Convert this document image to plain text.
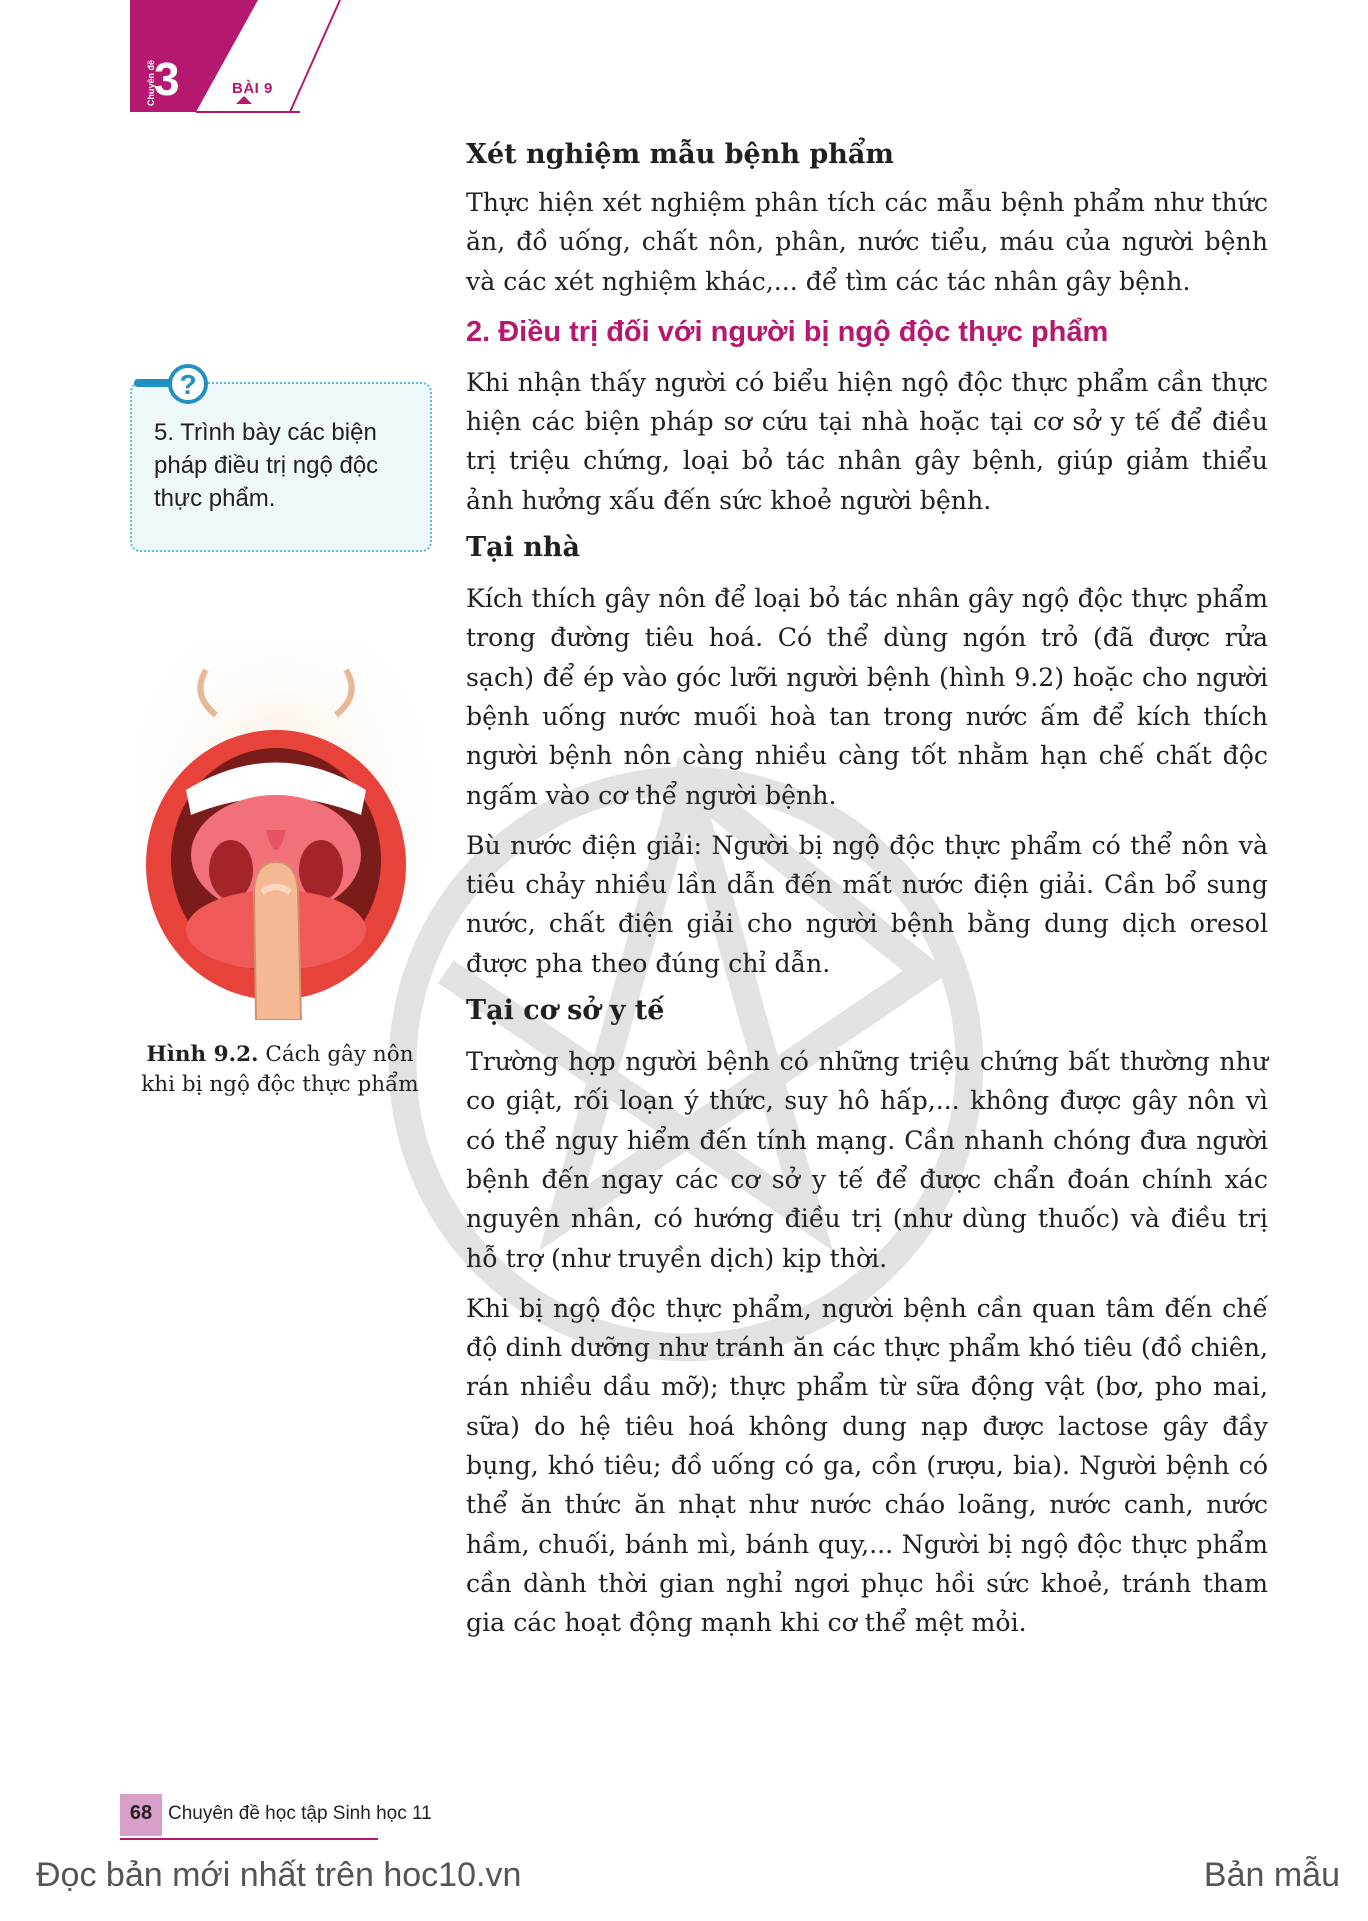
Chuyên đề
3	BÀI 9
Xét nghiệm mẫu bệnh phẩm

Thực hiện xét nghiệm phân tích các mẫu bệnh phẩm như thức ăn, đồ uống, chất nôn, phân, nước tiểu, máu của người bệnh và các xét nghiệm khác,... để tìm các tác nhân gây bệnh.

2. Điều trị đối với người bị ngộ độc thực phẩm

Khi nhận thấy người có biểu hiện ngộ độc thực phẩm cần thực hiện các biện pháp sơ cứu tại nhà hoặc tại cơ sở y tế để điều trị triệu chứng, loại bỏ tác nhân gây bệnh, giúp giảm thiểu ảnh hưởng xấu đến sức khoẻ người bệnh.

Tại nhà

Kích thích gây nôn để loại bỏ tác nhân gây ngộ độc thực phẩm trong đường tiêu hoá. Có thể dùng ngón trỏ (đã được rửa sạch) để ép vào góc lưỡi người bệnh (hình 9.2) hoặc cho người bệnh uống nước muối hoà tan trong nước ấm để kích thích người bệnh nôn càng nhiều càng tốt nhằm hạn chế chất độc ngấm vào cơ thể người bệnh.

Bù nước điện giải: Người bị ngộ độc thực phẩm có thể nôn và tiêu chảy nhiều lần dẫn đến mất nước điện giải. Cần bổ sung nước, chất điện giải cho người bệnh bằng dung dịch oresol được pha theo đúng chỉ dẫn.

Tại cơ sở y tế

Trường hợp người bệnh có những triệu chứng bất thường như co giật, rối loạn ý thức, suy hô hấp,... không được gây nôn vì có thể nguy hiểm đến tính mạng. Cần nhanh chóng đưa người bệnh đến ngay các cơ sở y tế để được chẩn đoán chính xác nguyên nhân, có hướng điều trị (như dùng thuốc) và điều trị hỗ trợ (như truyền dịch) kịp thời.

Khi bị ngộ độc thực phẩm, người bệnh cần quan tâm đến chế độ dinh dưỡng như tránh ăn các thực phẩm khó tiêu (đồ chiên, rán nhiều dầu mỡ); thực phẩm từ sữa động vật (bơ, pho mai, sữa) do hệ tiêu hoá không dung nạp được lactose gây đầy bụng, khó tiêu; đồ uống có ga, cồn (rượu, bia). Người bệnh có thể ăn thức ăn nhạt như nước cháo loãng, nước canh, nước hầm, chuối, bánh mì, bánh quy,... Người bị ngộ độc thực phẩm cần dành thời gian nghỉ ngơi phục hồi sức khoẻ, tránh tham gia các hoạt động mạnh khi cơ thể mệt mỏi.

?
5. Trình bày các biện pháp điều trị ngộ độc thực phẩm.
Hình 9.2. Cách gây nôn khi bị ngộ độc thực phẩm
68 Chuyên đề học tập Sinh học 11
Đọc bản mới nhất trên hoc10.vn	Bản mẫu
